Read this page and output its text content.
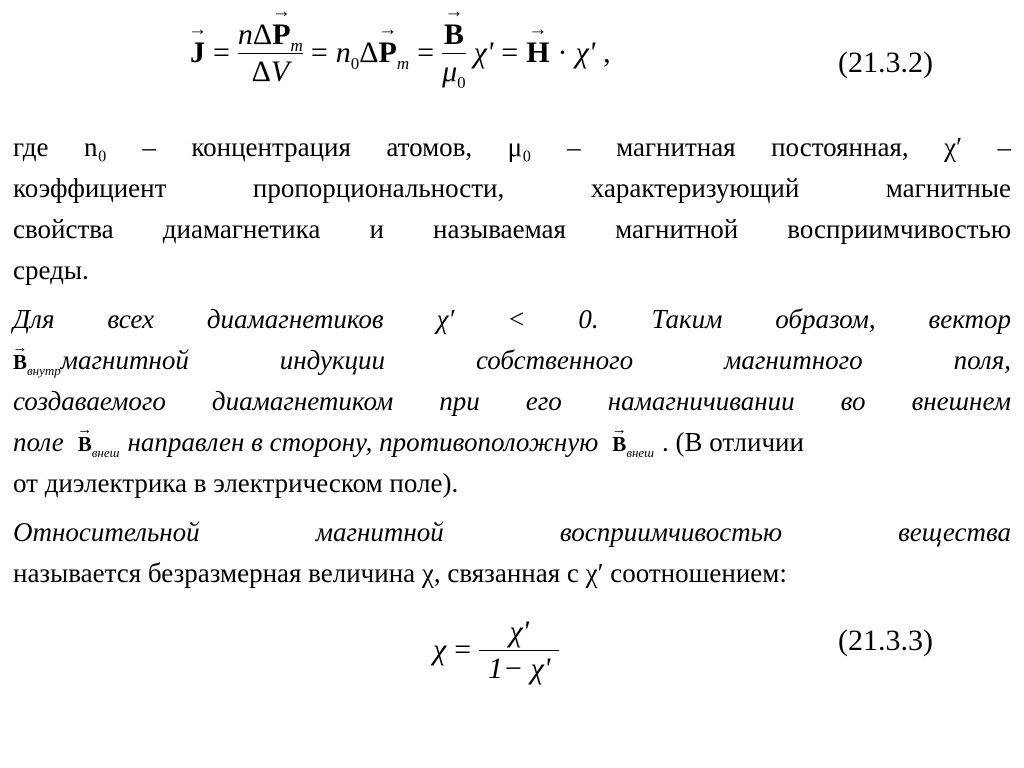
→ $J = \frac{n\Delta\to P_m}{\Delta V} = n_0\Delta\to P_m$ = → $\frac{B}{\mu_0} \chi'$ = → H · χ' ,	(21.3.2)
где n₀ – концентрация атомов, μ₀ – магнитная постоянная, χ′ –
коэффициент пропорциональности, характеризующий магнитные
свойства диамагнетика и называемая магнитной восприимчивостью
среды.
Для всех диамагнетиков χ′ < 0. Таким образом, вектор
→ $B_{внутр}$ магнитной индукции собственного магнитного поля,
создаваемого диамагнетиком при его намагничивании во внешнем
поле → $B_{внеш}$ направлен в сторону, противоположную → $B_{внеш}$ . (В отличии
от диэлектрика в электрическом поле).
Относительной магнитной восприимчивостью вещества
называется безразмерная величина χ, связанная с χ′ соотношением:
$\chi = \frac{\chi'}{1- \chi'}$	(21.3.3)
